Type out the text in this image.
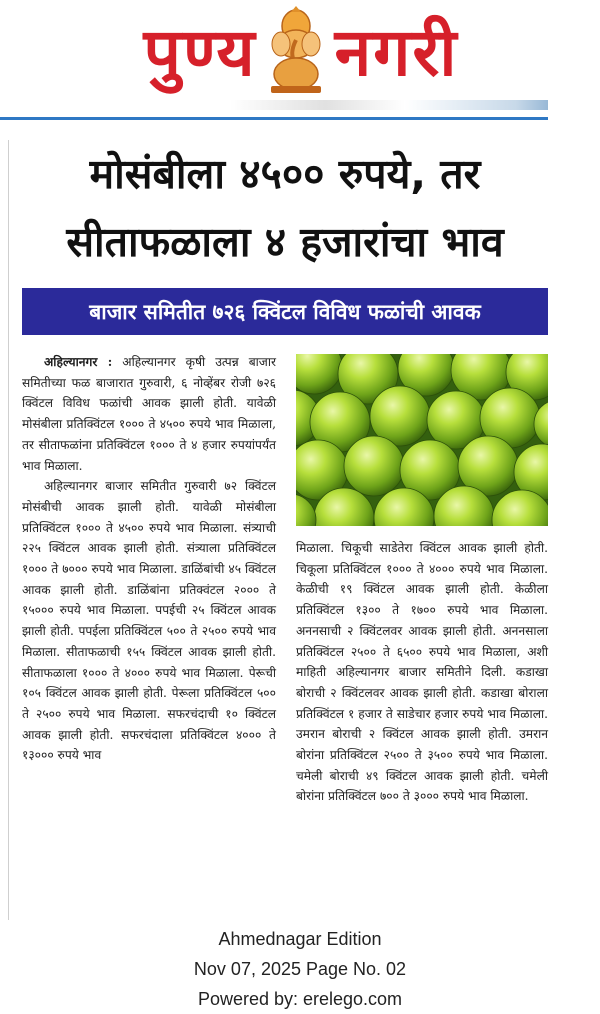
पुण्य नगरी
मोसंबीला ४५०० रुपये, तर
सीताफळाला ४ हजारांचा भाव
बाजार समितीत ७२६ क्विंटल विविध फळांची आवक

अहिल्यानगर : अहिल्यानगर कृषी उत्पन्न बाजार समितीच्या फळ बाजारात गुरुवारी, ६ नोव्हेंबर रोजी ७२६ क्विंटल विविध फळांची आवक झाली होती. यावेळी मोसंबीला प्रतिक्विंटल १००० ते ४५०० रुपये भाव मिळाला, तर सीताफळांना प्रतिक्विंटल १००० ते ४ हजार रुपयांपर्यंत भाव मिळाला.

अहिल्यानगर बाजार समितीत गुरुवारी ७२ क्विंटल मोसंबीची आवक झाली होती. यावेळी मोसंबीला प्रतिक्विंटल १००० ते ४५०० रुपये भाव मिळाला. संत्र्याची २२५ क्विंटल आवक झाली होती. संत्र्याला प्रतिक्विंटल १००० ते ७००० रुपये भाव मिळाला. डाळिंबांची ४५ क्विंटल आवक झाली होती. डाळिंबांना प्रतिक्वंटल २००० ते १५००० रुपये भाव मिळाला. पपईची २५ क्विंटल आवक झाली होती. पपईला प्रतिक्विंटल ५०० ते २५०० रुपये भाव मिळाला. सीताफळाची १५५ क्विंटल आवक झाली होती. सीताफळाला १००० ते ४००० रुपये भाव मिळाला. पेरूची १०५ क्विंटल आवक झाली होती. पेरूला प्रतिक्विंटल ५०० ते २५०० रुपये भाव मिळाला. सफरचंदाची १० क्विंटल आवक झाली होती. सफरचंदाला प्रतिक्विंटल ४००० ते १३००० रुपये भाव

मिळाला. चिकूची साडेतेरा क्विंटल आवक झाली होती. चिकूला प्रतिक्विंटल १००० ते ४००० रुपये भाव मिळाला. केळीची १९ क्विंटल आवक झाली होती. केळीला प्रतिक्विंटल १३०० ते १७०० रुपये भाव मिळाला. अननसाची २ क्विंटलवर आवक झाली होती. अननसाला प्रतिक्विंटल २५०० ते ६५०० रुपये भाव मिळाला, अशी माहिती अहिल्यानगर बाजार समितीने दिली. कडाखा बोराची २ क्विंटलवर आवक झाली होती. कडाखा बोराला प्रतिक्विंटल १ हजार ते साडेचार हजार रुपये भाव मिळाला. उमरान बोराची २ क्विंटल आवक झाली होती. उमरान बोरांना प्रतिक्विंटल २५०० ते ३५०० रुपये भाव मिळाला. चमेली बोराची ४९ क्विंटल आवक झाली होती. चमेली बोरांना प्रतिक्विंटल ७०० ते ३००० रुपये भाव मिळाला.

Ahmednagar Edition
Nov 07, 2025 Page No. 02
Powered by: erelego.com
